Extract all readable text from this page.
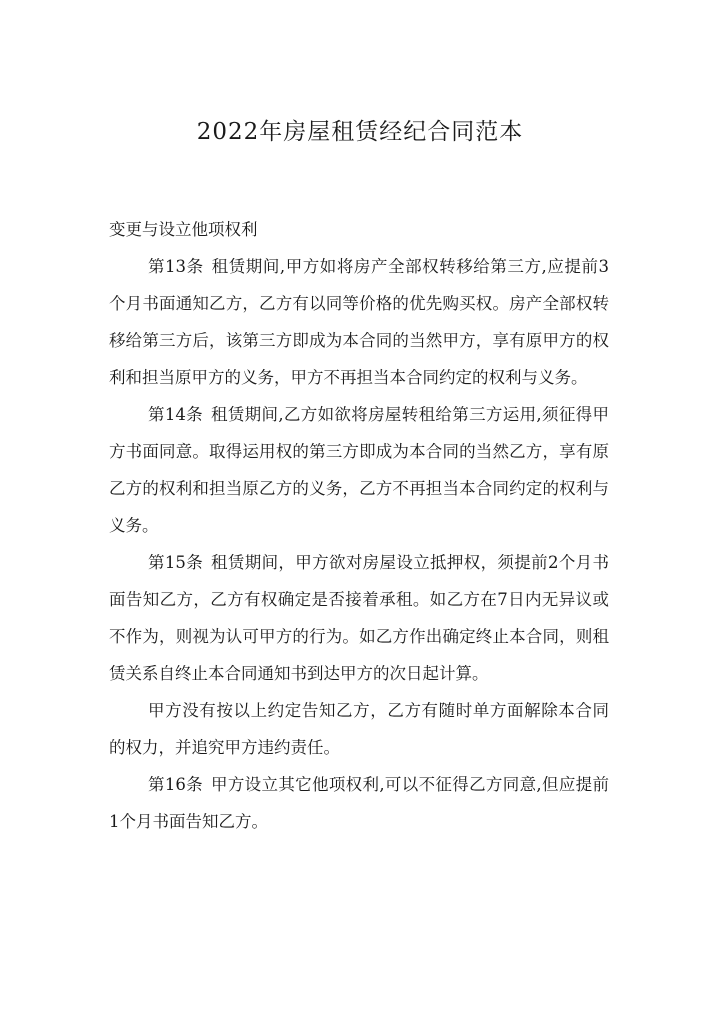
2022年房屋租赁经纪合同范本

变更与设立他项权利

第13条 租赁期间,甲方如将房产全部权转移给第三方,应提前3个月书面通知乙方，乙方有以同等价格的优先购买权。房产全部权转移给第三方后，该第三方即成为本合同的当然甲方，享有原甲方的权利和担当原甲方的义务，甲方不再担当本合同约定的权利与义务。

第14条 租赁期间,乙方如欲将房屋转租给第三方运用,须征得甲方书面同意。取得运用权的第三方即成为本合同的当然乙方，享有原乙方的权利和担当原乙方的义务，乙方不再担当本合同约定的权利与义务。

第15条 租赁期间，甲方欲对房屋设立抵押权，须提前2个月书面告知乙方，乙方有权确定是否接着承租。如乙方在7日内无异议或不作为，则视为认可甲方的行为。如乙方作出确定终止本合同，则租赁关系自终止本合同通知书到达甲方的次日起计算。

甲方没有按以上约定告知乙方，乙方有随时单方面解除本合同的权力，并追究甲方违约责任。

第16条 甲方设立其它他项权利,可以不征得乙方同意,但应提前1个月书面告知乙方。
